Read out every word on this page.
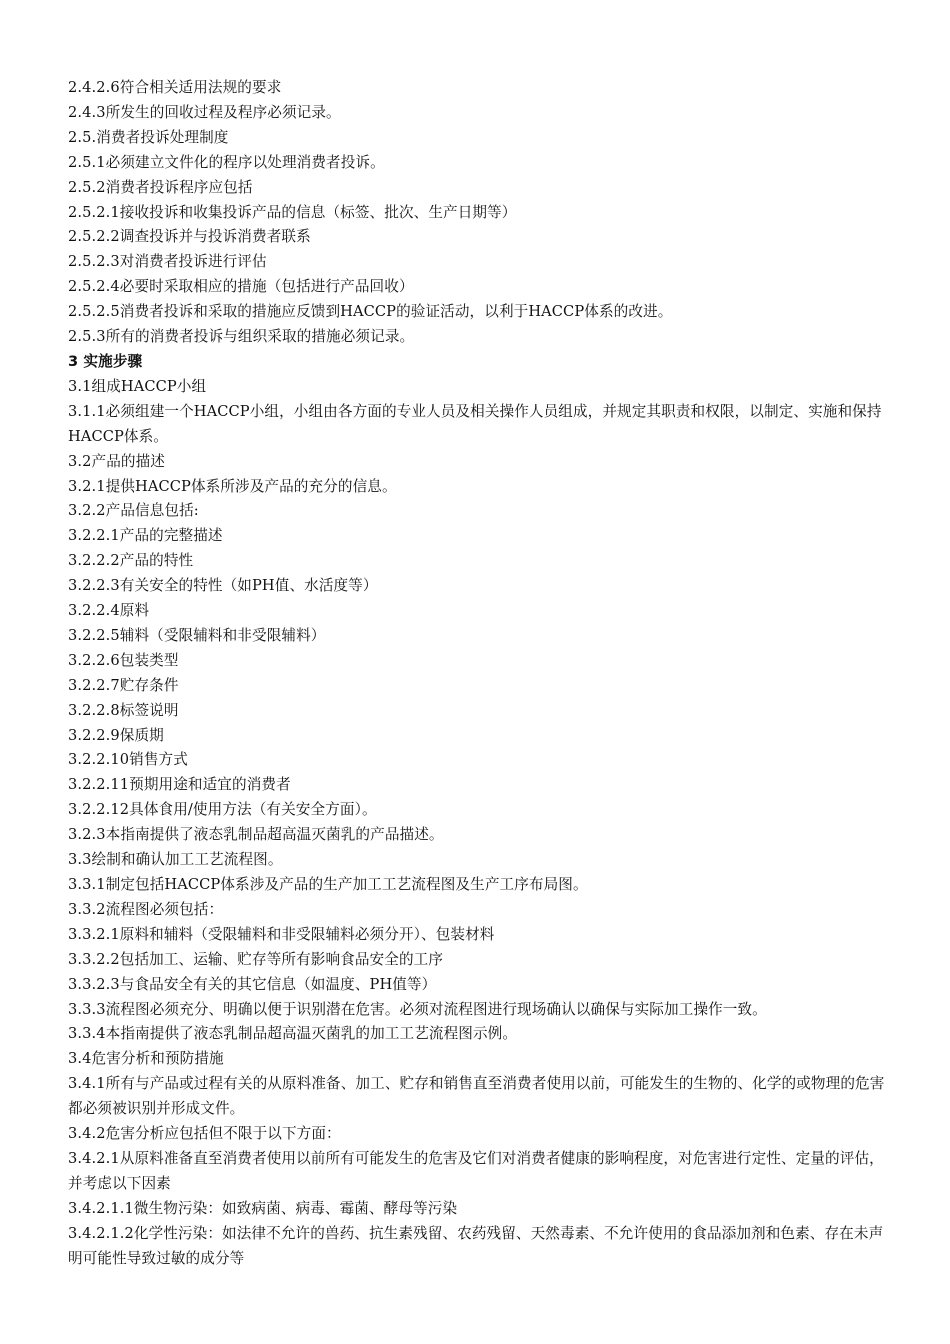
2.4.2.6符合相关适用法规的要求

2.4.3所发生的回收过程及程序必须记录。

2.5.消费者投诉处理制度

2.5.1必须建立文件化的程序以处理消费者投诉。

2.5.2消费者投诉程序应包括

2.5.2.1接收投诉和收集投诉产品的信息（标签、批次、生产日期等）

2.5.2.2调查投诉并与投诉消费者联系

2.5.2.3对消费者投诉进行评估

2.5.2.4必要时采取相应的措施（包括进行产品回收）

2.5.2.5消费者投诉和采取的措施应反馈到HACCP的验证活动，以利于HACCP体系的改进。

2.5.3所有的消费者投诉与组织采取的措施必须记录。

3 实施步骤

3.1组成HACCP小组

3.1.1必须组建一个HACCP小组，小组由各方面的专业人员及相关操作人员组成，并规定其职责和权限，以制定、实施和保持HACCP体系。

3.2产品的描述

3.2.1提供HACCP体系所涉及产品的充分的信息。

3.2.2产品信息包括:

3.2.2.1产品的完整描述

3.2.2.2产品的特性

3.2.2.3有关安全的特性（如PH值、水活度等）

3.2.2.4原料

3.2.2.5辅料（受限辅料和非受限辅料）

3.2.2.6包装类型

3.2.2.7贮存条件

3.2.2.8标签说明

3.2.2.9保质期

3.2.2.10销售方式

3.2.2.11预期用途和适宜的消费者

3.2.2.12具体食用/使用方法（有关安全方面）。

3.2.3本指南提供了液态乳制品超高温灭菌乳的产品描述。

3.3绘制和确认加工工艺流程图。

3.3.1制定包括HACCP体系涉及产品的生产加工工艺流程图及生产工序布局图。

3.3.2流程图必须包括：

3.3.2.1原料和辅料（受限辅料和非受限辅料必须分开）、包装材料

3.3.2.2包括加工、运输、贮存等所有影响食品安全的工序

3.3.2.3与食品安全有关的其它信息（如温度、PH值等）

3.3.3流程图必须充分、明确以便于识别潜在危害。必须对流程图进行现场确认以确保与实际加工操作一致。

3.3.4本指南提供了液态乳制品超高温灭菌乳的加工工艺流程图示例。

3.4危害分析和预防措施

3.4.1所有与产品或过程有关的从原料准备、加工、贮存和销售直至消费者使用以前，可能发生的生物的、化学的或物理的危害都必须被识别并形成文件。

3.4.2危害分析应包括但不限于以下方面：

3.4.2.1从原料准备直至消费者使用以前所有可能发生的危害及它们对消费者健康的影响程度，对危害进行定性、定量的评估，并考虑以下因素

3.4.2.1.1微生物污染：如致病菌、病毒、霉菌、酵母等污染

3.4.2.1.2化学性污染：如法律不允许的兽药、抗生素残留、农药残留、天然毒素、不允许使用的食品添加剂和色素、存在未声明可能性导致过敏的成分等
